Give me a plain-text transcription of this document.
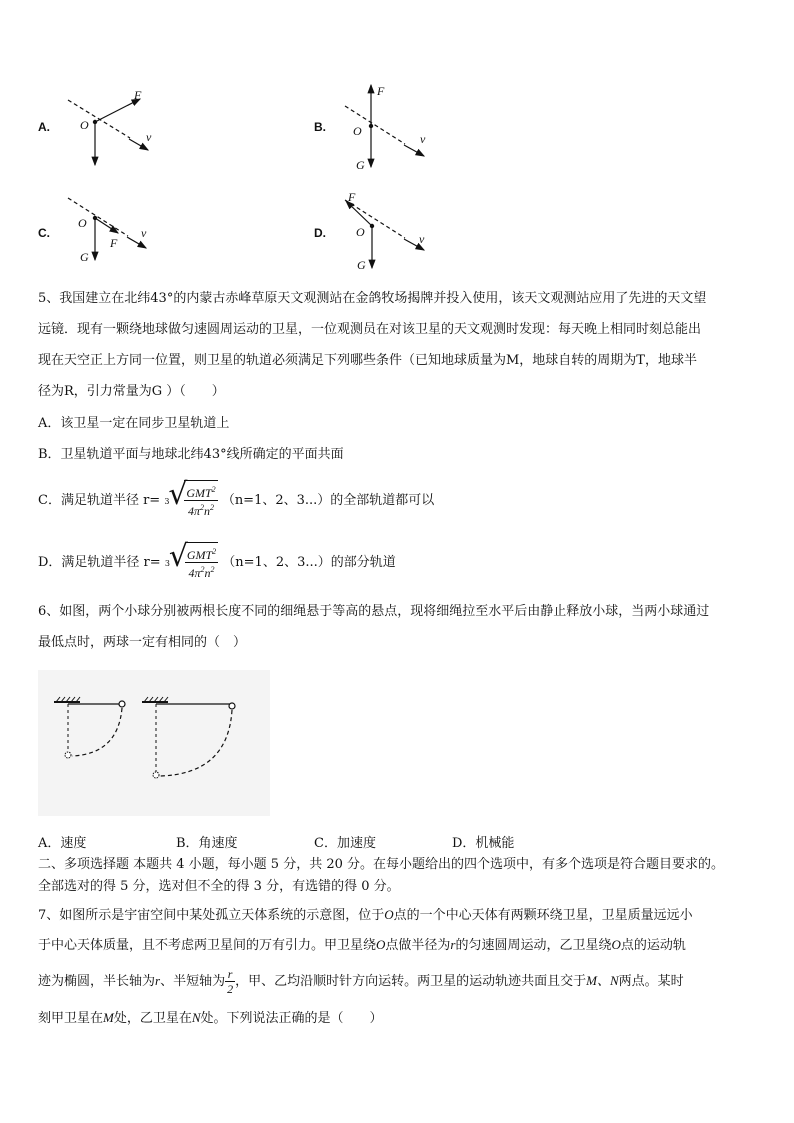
A.	B.
C.	D.
F
O
v
F
O
v
G
O
F
v
G
F
O	v
G
5、我国建立在北纬43°的内蒙古赤峰草原天文观测站在金鸽牧场揭牌并投入使用，该天文观测站应用了先进的天文望
远镜．现有一颗绕地球做匀速圆周运动的卫星，一位观测员在对该卫星的天文观测时发现：每天晚上相同时刻总能出
现在天空正上方同一位置，则卫星的轨道必须满足下列哪些条件（已知地球质量为M，地球自转的周期为T，地球半
径为R，引力常量为G ）（　　）
A．该卫星一定在同步卫星轨道上
B．卫星轨道平面与地球北纬43°线所确定的平面共面
C．满足轨道半径 r= 3
√
$\frac{GMT^2}{4\pi^2n^2} (n=1$、2、3...）的全部轨道都可以
D．满足轨道半径 r= 3
√
$\frac{GMT^2}{4\pi^2n^2} (n=1$、2、3...）的部分轨道
6、如图，两个小球分别被两根长度不同的细绳悬于等高的悬点，现将细绳拉至水平后由静止释放小球，当两小球通过
最低点时，两球一定有相同的（　）
A．速度	B．角速度	C．加速度	D．机械能
二、多项选择题 本题共 4 小题，每小题 5 分，共 20 分。在每小题给出的四个选项中，有多个选项是符合题目要求的。
全部选对的得 5 分，选对但不全的得 3 分，有选错的得 0 分。
7、如图所示是宇宙空间中某处孤立天体系统的示意图，位于O点的一个中心天体有两颗环绕卫星，卫星质量远远小
于中心天体质量，且不考虑两卫星间的万有引力。甲卫星绕O点做半径为r的匀速圆周运动，乙卫星绕O点的运动轨
迹为椭圆，半长轴为r、半短轴为 $\frac{r}{2}$ ，甲、乙均沿顺时针方向运转。两卫星的运动轨迹共面且交于M、N两点。某时
刻甲卫星在M处，乙卫星在N处。下列说法正确的是（　　）
